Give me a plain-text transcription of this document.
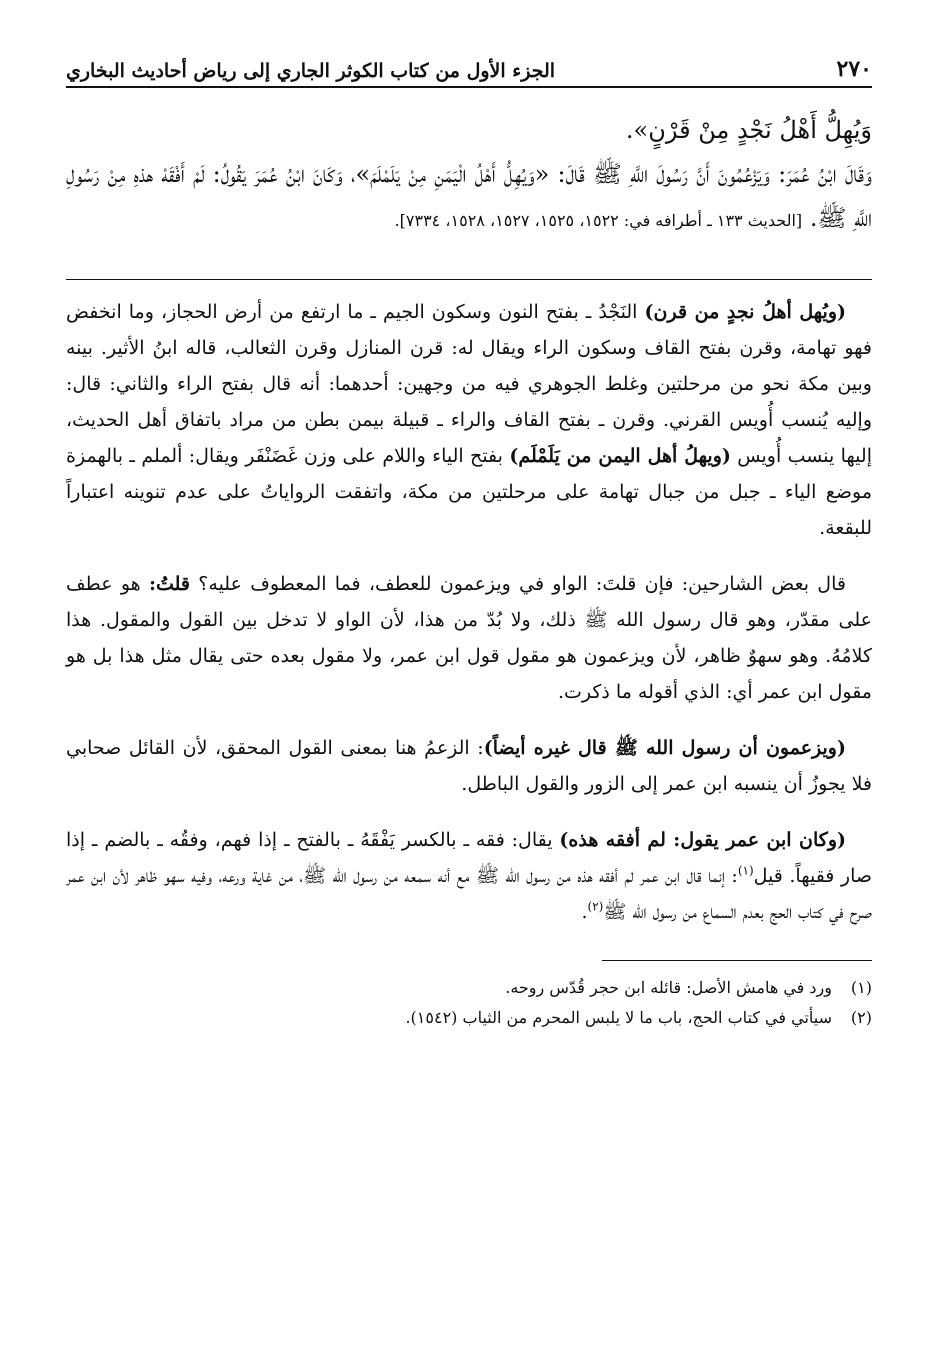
٢٧٠
الجزء الأول من كتاب الكوثر الجاري إلى رياض أحاديث البخاري

وَيُهِلُّ أَهْلُ نَجْدٍ مِنْ قَرْنٍ».

وَقَالَ ابْنُ عُمَرَ: وَيَزْعُمُونَ أَنَّ رَسُولَ اللَّهِ ﷺ قَالَ: «وَيُهِلُّ أَهْلُ الْيَمَنِ مِنْ يَلَمْلَمَ»، وَكَانَ ابْنُ عُمَرَ يَقُولُ: لَمْ أَفْقَهْ هذهِ مِنْ رَسُولِ اللَّهِ ﷺ. [الحديث ١٣٣ ـ أطرافه في: ١٥٢٢، ١٥٢٥، ١٥٢٧، ١٥٢٨، ٧٣٣٤].

(ويُهل أهلُ نجدٍ من قرن) النَجْدُ ـ بفتح النون وسكون الجيم ـ ما ارتفع من أرض الحجاز، وما انخفض فهو تهامة، وقرن بفتح القاف وسكون الراء ويقال له: قرن المنازل وقرن الثعالب، قاله ابنُ الأثير. بينه وبين مكة نحو من مرحلتين وغلط الجوهري فيه من وجهين: أحدهما: أنه قال بفتح الراء والثاني: قال: وإليه يُنسب أُويس القرني. وقرن ـ بفتح القاف والراء ـ قبيلة بيمن بطن من مراد باتفاق أهل الحديث، إليها ينسب أُويس (ويهلُ أهل اليمن من يَلَمْلَم) بفتح الياء واللام على وزن غَضَنْفَر ويقال: ألملم ـ بالهمزة موضع الياء ـ جبل من جبال تهامة على مرحلتين من مكة، واتفقت الرواياتُ على عدم تنوينه اعتباراً للبقعة.

قال بعض الشارحين: فإن قلتَ: الواو في ويزعمون للعطف، فما المعطوف عليه؟ قلتُ: هو عطف على مقدّر، وهو قال رسول الله ﷺ ذلك، ولا بُدّ من هذا، لأن الواو لا تدخل بين القول والمقول. هذا كلامُهُ. وهو سهوٌ ظاهر، لأن ويزعمون هو مقول قول ابن عمر، ولا مقول بعده حتى يقال مثل هذا بل هو مقول ابن عمر أي: الذي أقوله ما ذكرت.

(ويزعمون أن رسول الله ﷺ قال غيره أيضاً): الزعمُ هنا بمعنى القول المحقق، لأن القائل صحابي فلا يجوزُ أن ينسبه ابن عمر إلى الزور والقول الباطل.

(وكان ابن عمر يقول: لم أفقه هذه) يقال: فقه ـ بالكسر يَفْقَهُ ـ بالفتح ـ إذا فهم، وفقُه ـ بالضم ـ إذا صار فقيهاً. قيل$^{(١)}$: إنما قال ابن عمر لم أفقه هذه من رسول الله ﷺ مع أنه سمعه من رسول الله ﷺ، من غاية ورعه، وفيه سهو ظاهر لأن ابن عمر صرح في كتاب الحج بعدم السماع من رسول الله ﷺ$^{(٢)}$.

(١)
ورد في هامش الأصل: قائله ابن حجر قُدّس روحه.
(٢)
سيأتي في كتاب الحج، باب ما لا يلبس المحرم من الثياب (١٥٤٢).
